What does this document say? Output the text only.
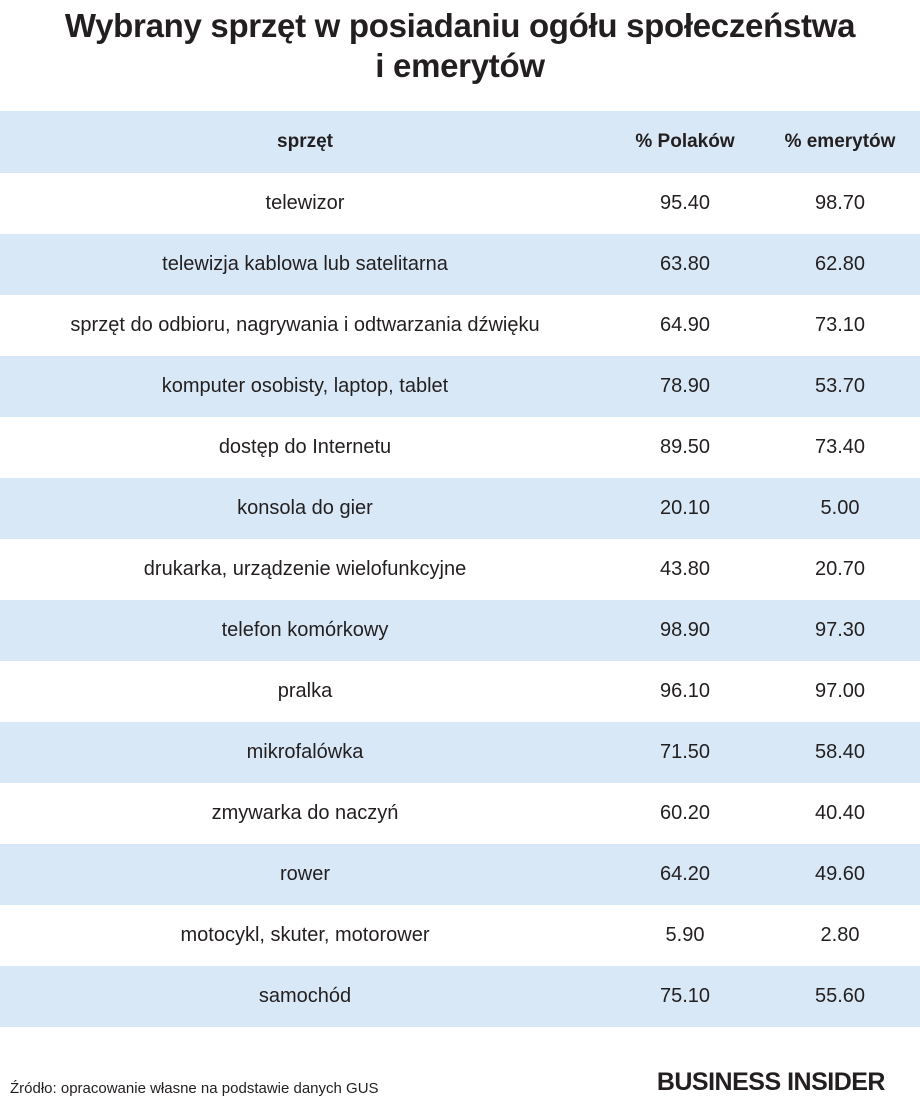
Wybrany sprzęt w posiadaniu ogółu społeczeństwa i emerytów
sprzęt	% Polaków	% emerytów
telewizor	95.40	98.70
telewizja kablowa lub satelitarna	63.80	62.80
sprzęt do odbioru, nagrywania i odtwarzania dźwięku	64.90	73.10
komputer osobisty, laptop, tablet	78.90	53.70
dostęp do Internetu	89.50	73.40
konsola do gier	20.10	5.00
drukarka, urządzenie wielofunkcyjne	43.80	20.70
telefon komórkowy	98.90	97.30
pralka	96.10	97.00
mikrofalówka	71.50	58.40
zmywarka do naczyń	60.20	40.40
rower	64.20	49.60
motocykl, skuter, motorower	5.90	2.80
samochód	75.10	55.60
Źródło: opracowanie własne na podstawie danych GUS	BUSINESS INSIDER
